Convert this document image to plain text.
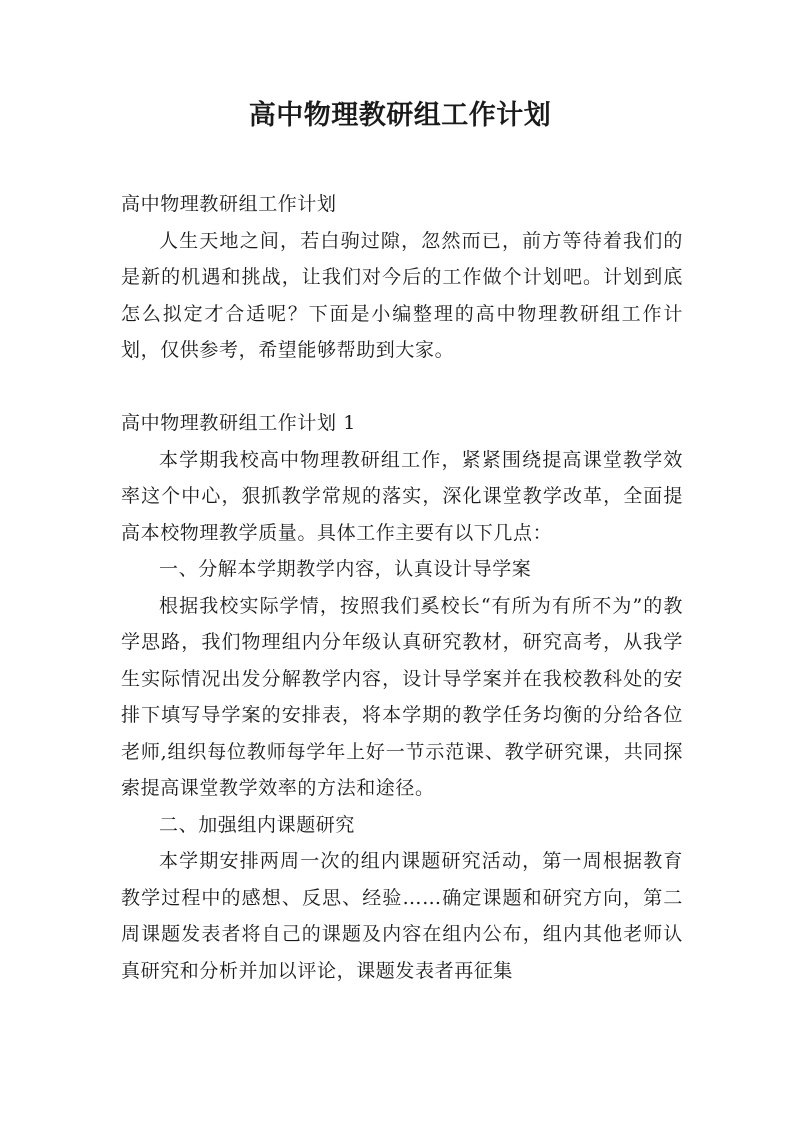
高中物理教研组工作计划

高中物理教研组工作计划

人生天地之间，若白驹过隙，忽然而已，前方等待着我们的是新的机遇和挑战，让我们对今后的工作做个计划吧。计划到底怎么拟定才合适呢？下面是小编整理的高中物理教研组工作计划，仅供参考，希望能够帮助到大家。

高中物理教研组工作计划 1

本学期我校高中物理教研组工作，紧紧围绕提高课堂教学效率这个中心，狠抓教学常规的落实，深化课堂教学改革，全面提高本校物理教学质量。具体工作主要有以下几点：

一、分解本学期教学内容，认真设计导学案

根据我校实际学情，按照我们奚校长“有所为有所不为”的教学思路，我们物理组内分年级认真研究教材，研究高考，从我学生实际情况出发分解教学内容，设计导学案并在我校教科处的安排下填写导学案的安排表，将本学期的教学任务均衡的分给各位老师,组织每位教师每学年上好一节示范课、教学研究课，共同探索提高课堂教学效率的方法和途径。

二、加强组内课题研究

本学期安排两周一次的组内课题研究活动，第一周根据教育教学过程中的感想、反思、经验……确定课题和研究方向，第二周课题发表者将自己的课题及内容在组内公布，组内其他老师认真研究和分析并加以评论，课题发表者再征集
